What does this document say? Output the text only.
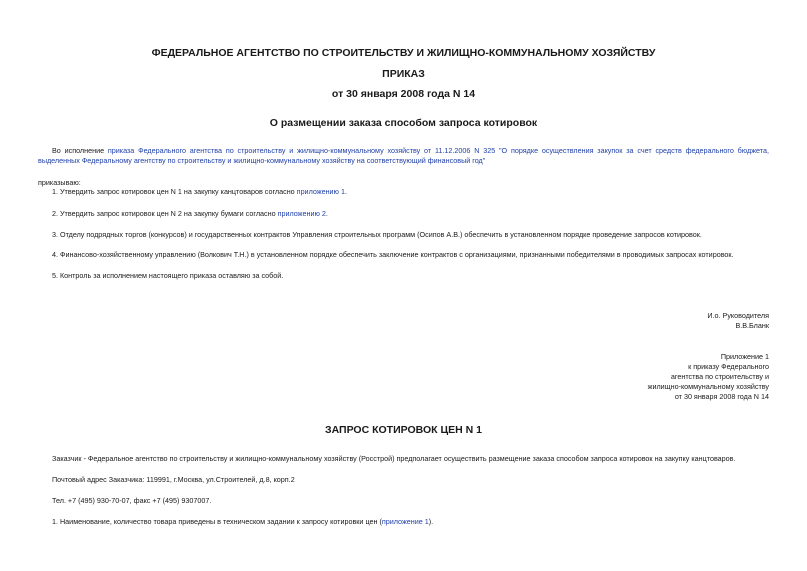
ФЕДЕРАЛЬНОЕ АГЕНТСТВО ПО СТРОИТЕЛЬСТВУ И ЖИЛИЩНО-КОММУНАЛЬНОМУ ХОЗЯЙСТВУ
ПРИКАЗ
от 30 января 2008 года N 14
О размещении заказа способом запроса котировок
Во исполнение приказа Федерального агентства по строительству и жилищно-коммунальному хозяйству от 11.12.2006 N 325 "О порядке осуществления закупок за счет средств федерального бюджета, выделенных Федеральному агентству по строительству и жилищно-коммунальному хозяйству на соответствующий финансовый год"
приказываю:
1. Утвердить запрос котировок цен N 1 на закупку канцтоваров согласно приложению 1.
2. Утвердить запрос котировок цен N 2 на закупку бумаги согласно приложению 2.
3. Отделу подрядных торгов (конкурсов) и государственных контрактов Управления строительных программ (Осипов А.В.) обеспечить в установленном порядке проведение запросов котировок.
4. Финансово-хозяйственному управлению (Волкович Т.Н.) в установленном порядке обеспечить заключение контрактов с организациями, признанными победителями в проводимых запросах котировок.
5. Контроль за исполнением настоящего приказа оставляю за собой.
И.о. Руководителя
В.В.Бланк
Приложение 1
к приказу Федерального
агентства по строительству и
жилищно-коммунальному хозяйству
от 30 января 2008 года N 14
ЗАПРОС КОТИРОВОК ЦЕН N 1
Заказчик - Федеральное агентство по строительству и жилищно-коммунальному хозяйству (Росстрой) предполагает осуществить размещение заказа способом запроса котировок на закупку канцтоваров.
Почтовый адрес Заказчика: 119991, г.Москва, ул.Строителей, д.8, корп.2
Тел. +7 (495) 930-70-07, факс +7 (495) 9307007.
1. Наименование, количество товара приведены в техническом задании к запросу котировки цен (приложение 1).
